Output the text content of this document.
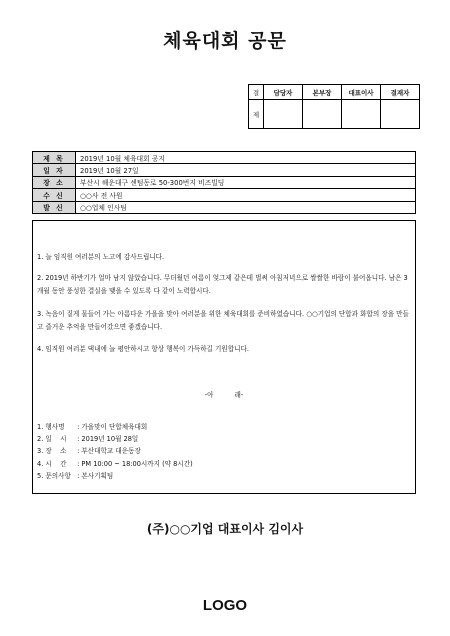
체육대회 공문
결	담당자	본부장	대표이사	결재자
제				
제 목	2019년 10월 체육대회 공지
일 자	2019년 10월 27일
장 소	부산시 해운대구 센텀동로 50-300번지 비즈빌딩
수 신	○○사 전 사원
발 신	○○업체 인사팀
1. 늘 임직원 여러분의 노고에 감사드립니다.
2. 2019년 하반기가 얼마 남지 않았습니다. 무더웠던 여름이 엊그제 같은데 벌써 아침저녁으로 쌀쌀한 바람이 불어옵니다. 남은 3개월 동안 풍성한 결실을 맺을 수 있도록 다 같이 노력합시다.
3. 녹음이 짙게 물들어 가는 아름다운 가을을 맞아 여러분을 위한 체육대회를 준비하였습니다. ○○기업의 단합과 화합의 장을 만들고 즐거운 추억을 만들어갔으면 좋겠습니다.
4. 임직원 여러분 댁내에 늘 평안하시고 항상 행복이 가득하길 기원합니다.
-아          래-
1. 행사명 : 가을맞이 단합체육대회
2. 일    시 : 2019년 10월 28일
3. 장    소 : 부산대학교 대운동장
4. 시    간 : PM 10:00 ~ 18:00시까지 (약 8시간)
5. 문의사항 : 본사기획팀
(주)○○기업 대표이사 김이사
LOGO
